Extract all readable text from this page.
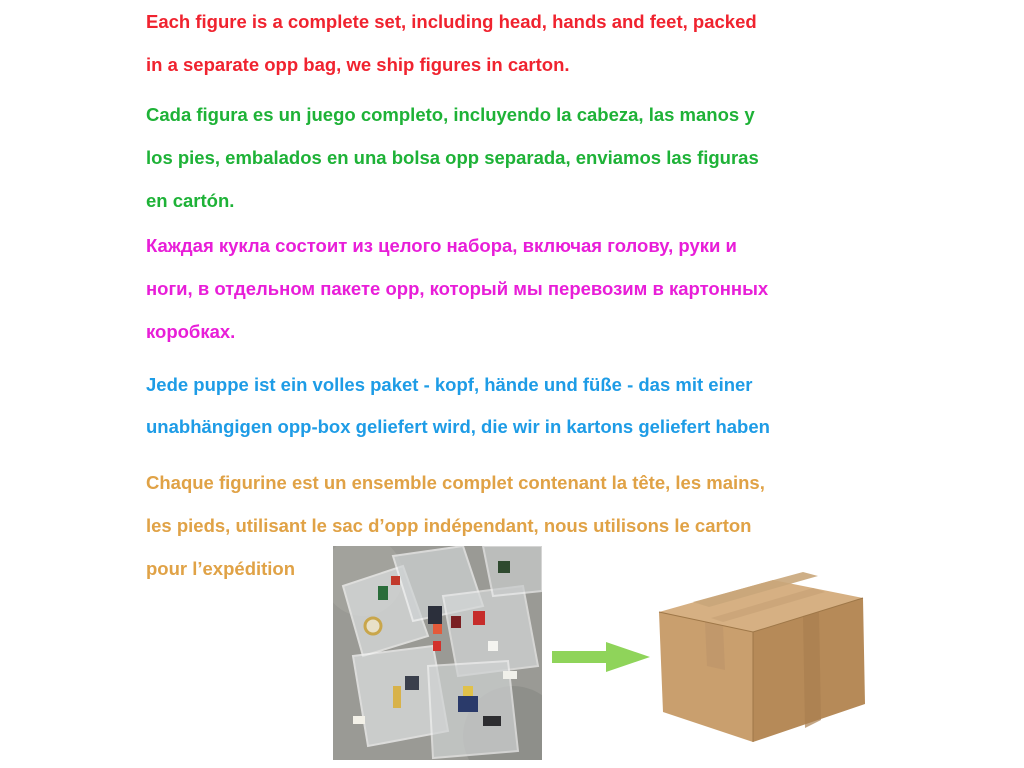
Each figure is a complete set, including head, hands and feet, packed
in a separate opp bag, we ship figures in carton.
Cada figura es un juego completo, incluyendo la cabeza, las manos y
los pies, embalados en una bolsa opp separada, enviamos las figuras
en cartón.
Каждая кукла состоит из целого набора, включая голову, руки и
ноги, в отдельном пакете opp, который мы перевозим в картонных
коробках.
Jede puppe ist ein volles paket - kopf, hände und füße - das mit einer
unabhängigen opp-box geliefert wird, die wir in kartons geliefert haben
Chaque figurine est un ensemble complet contenant la tête, les mains,
les pieds, utilisant le sac d’opp indépendant, nous utilisons le carton
pour l’expédition
